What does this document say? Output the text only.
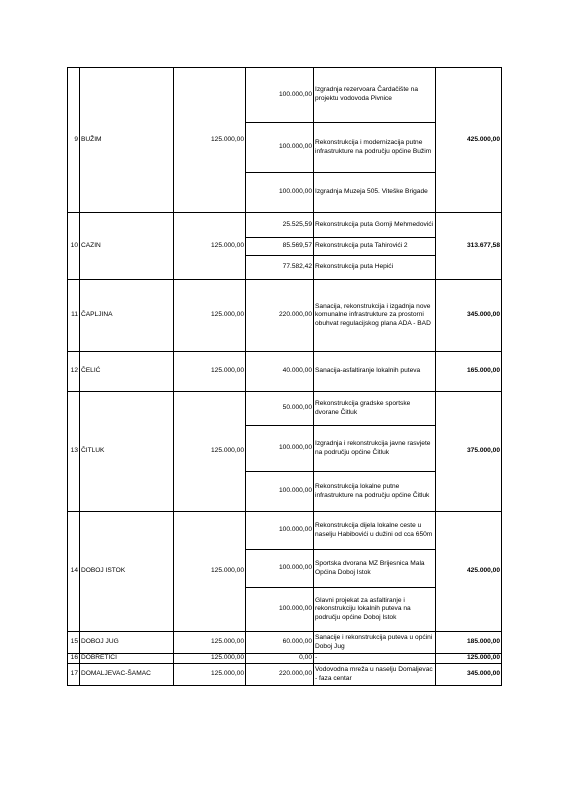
9	BUŽIM	125.000,00	100.000,00	Izgradnja rezervoara Čardačište na projektu vodovoda Pivnice	425.000,00
			100.000,00	Rekonstrukcija i modernizacija putne infrastrukture na području općine Bužim	
			100.000,00	Izgradnja Muzeja 505. Viteške Brigade	
10	CAZIN	125.000,00	25.525,59	Rekonstrukcija puta Gornji Mehmedovići	313.677,58
			85.569,57	Rekonstrukcija puta Tahirovići 2	
			77.582,42	Rekonstrukcija puta Hepići	
11	ČAPLJINA	125.000,00	220.000,00	Sanacija, rekonstrukcija i izgadnja nove komunalne infrastrukture za prostorni obuhvat regulacijskog plana ADA - BAD	345.000,00
12	ČELIĆ	125.000,00	40.000,00	Sanacija-asfaltiranje lokalnih puteva	165.000,00
13	ČITLUK	125.000,00	50.000,00	Rekonstrukcija gradske sportske dvorane Čitluk	375.000,00
			100.000,00	Izgradnja i rekonstrukcija javne rasvjete na području općine Čitluk	
			100.000,00	Rekonstrukcija lokalne putne infrastrukture na području općine Čitluk	
14	DOBOJ ISTOK	125.000,00	100.000,00	Rekonstrukcija dijela lokalne ceste u naselju Habibovići u dužini od cca 650m	425.000,00
			100.000,00	Sportska dvorana MZ Brijesnica Mala Općina Doboj Istok	
			100.000,00	Glavni projekat za asfaltiranje i rekonstrukciju lokalnih puteva na području općine Doboj Istok	
15	DOBOJ JUG	125.000,00	60.000,00	Sanacije i rekonstrukcija puteva u općini Doboj Jug	185.000,00
16	DOBRETIĆI	125.000,00	0,00	-	125.000,00
17	DOMALJEVAC-ŠAMAC	125.000,00	220.000,00	Vodovodna mreža u naselju Domaljevac - faza centar	345.000,00
